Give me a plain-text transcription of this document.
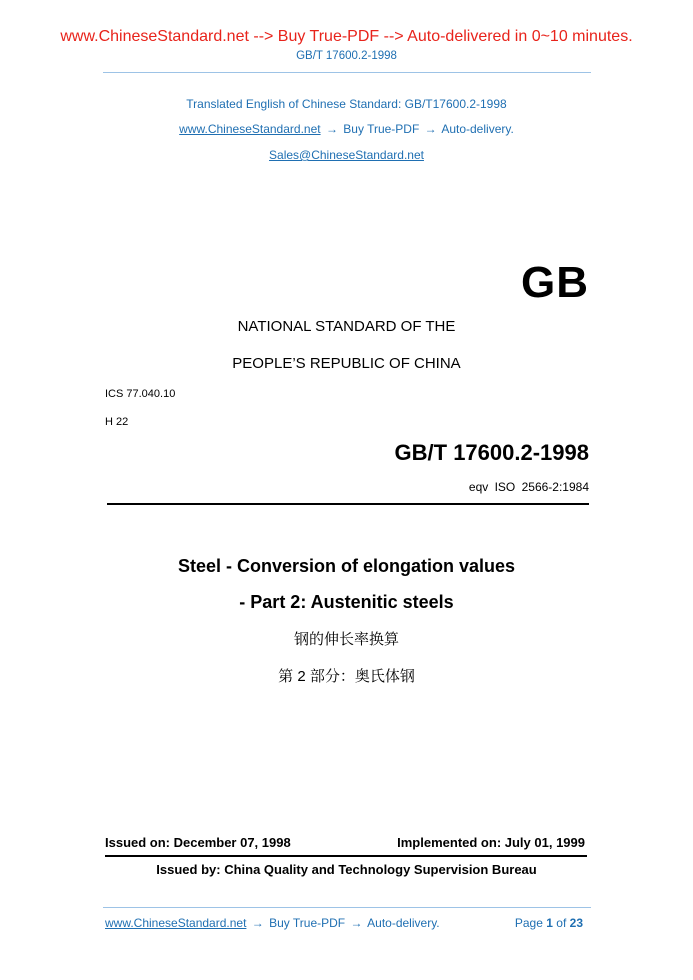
www.ChineseStandard.net --> Buy True-PDF --> Auto-delivered in 0~10 minutes.
GB/T 17600.2-1998
Translated English of Chinese Standard: GB/T17600.2-1998
www.ChineseStandard.net → Buy True-PDF → Auto-delivery.
Sales@ChineseStandard.net
GB
NATIONAL STANDARD OF THE
PEOPLE’S REPUBLIC OF CHINA
ICS 77.040.10
H 22
GB/T 17600.2-1998
eqv ISO 2566-2:1984
Steel - Conversion of elongation values
- Part 2: Austenitic steels
钢的伸长率换算
第 2 部分：奥氏体钢
Issued on: December 07, 1998	Implemented on: July 01, 1999
Issued by: China Quality and Technology Supervision Bureau
www.ChineseStandard.net → Buy True-PDF → Auto-delivery.	Page 1 of 23
